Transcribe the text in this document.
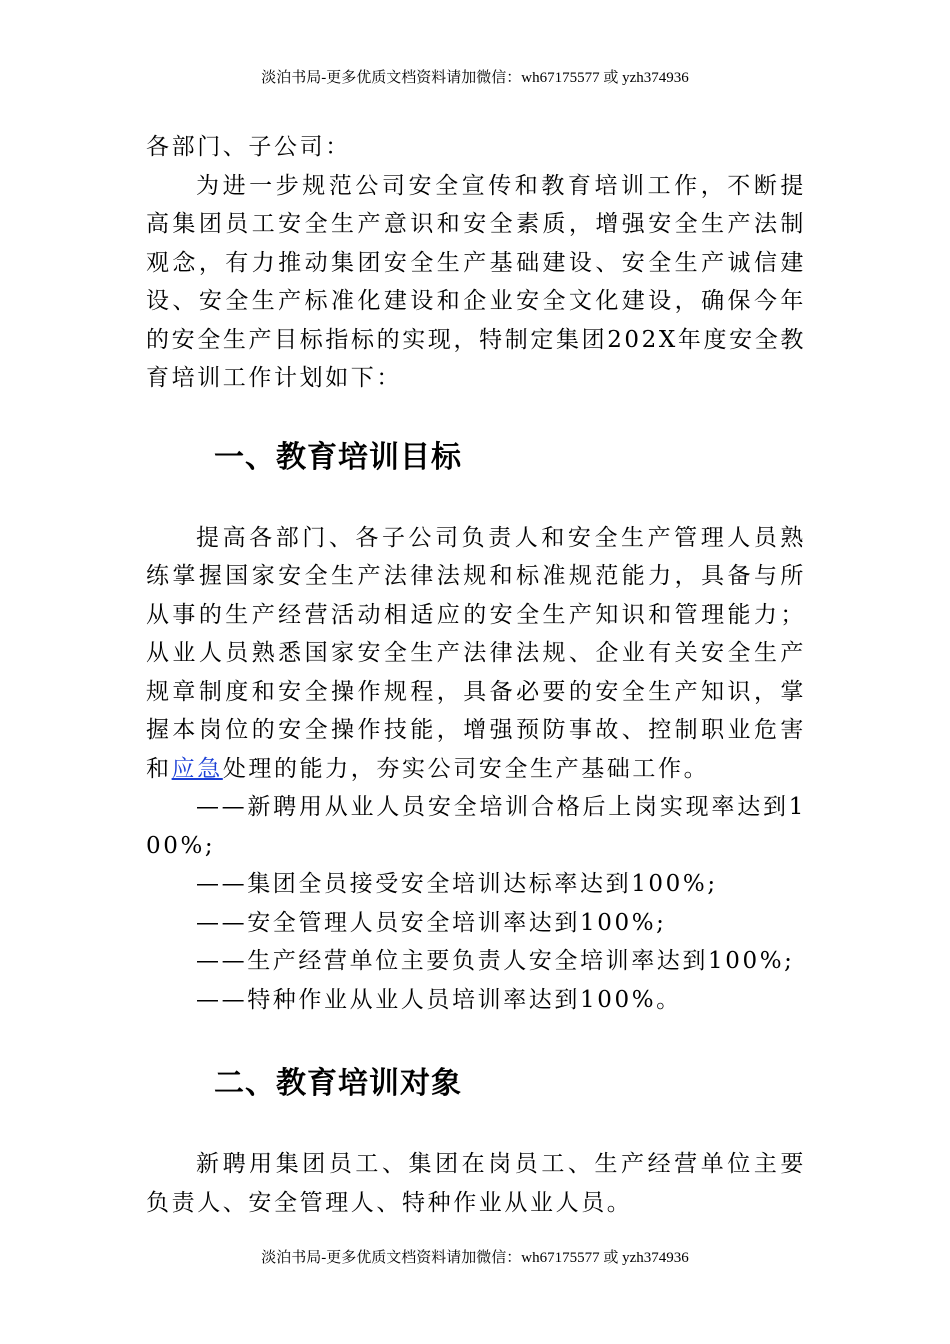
淡泊书局-更多优质文档资料请加微信：wh67175577 或 yzh374936

各部门、子公司：

为进一步规范公司安全宣传和教育培训工作，不断提高集团员工安全生产意识和安全素质，增强安全生产法制观念，有力推动集团安全生产基础建设、安全生产诚信建设、安全生产标准化建设和企业安全文化建设，确保今年的安全生产目标指标的实现，特制定集团202X年度安全教育培训工作计划如下：

一、教育培训目标

提高各部门、各子公司负责人和安全生产管理人员熟练掌握国家安全生产法律法规和标准规范能力，具备与所从事的生产经营活动相适应的安全生产知识和管理能力；从业人员熟悉国家安全生产法律法规、企业有关安全生产规章制度和安全操作规程，具备必要的安全生产知识，掌握本岗位的安全操作技能，增强预防事故、控制职业危害和应急处理的能力，夯实公司安全生产基础工作。

——新聘用从业人员安全培训合格后上岗实现率达到100%;

——集团全员接受安全培训达标率达到100%;

——安全管理人员安全培训率达到100%;

——生产经营单位主要负责人安全培训率达到100%;

——特种作业从业人员培训率达到100%。

二、教育培训对象

新聘用集团员工、集团在岗员工、生产经营单位主要负责人、安全管理人、特种作业从业人员。

淡泊书局-更多优质文档资料请加微信：wh67175577 或 yzh374936
